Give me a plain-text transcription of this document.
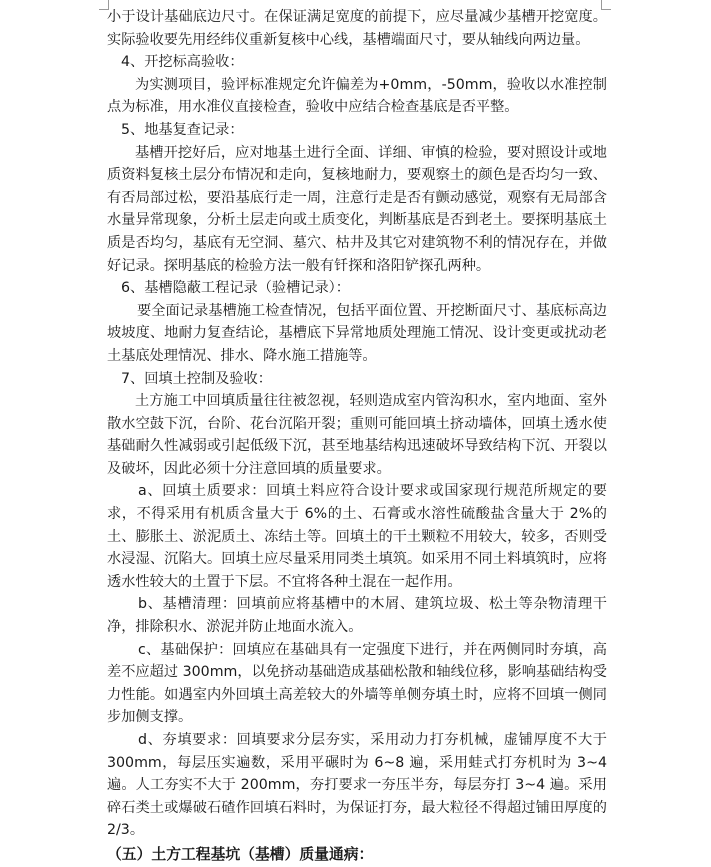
小于设计基础底边尺寸。在保证满足宽度的前提下，应尽量减少基槽开挖宽度。实际验收要先用经纬仪重新复核中心线，基槽端面尺寸，要从轴线向两边量。

4、开挖标高验收：

为实测项目，验评标准规定允许偏差为+0mm，-50mm，验收以水准控制点为标准，用水准仪直接检查，验收中应结合检查基底是否平整。

5、地基复查记录：

基槽开挖好后，应对地基土进行全面、详细、审慎的检验，要对照设计或地质资料复核土层分布情况和走向，复核地耐力，要观察土的颜色是否均匀一致、有否局部过松，要沿基底行走一周，注意行走是否有颤动感觉，观察有无局部含水量异常现象，分析土层走向或土质变化，判断基底是否到老土。要探明基底土质是否均匀，基底有无空洞、墓穴、枯井及其它对建筑物不利的情况存在，并做好记录。探明基底的检验方法一般有钎探和洛阳铲探孔两种。

6、基槽隐蔽工程记录（验槽记录）：

要全面记录基槽施工检查情况，包括平面位置、开挖断面尺寸、基底标高边坡坡度、地耐力复查结论，基槽底下异常地质处理施工情况、设计变更或扰动老土基底处理情况、排水、降水施工措施等。

7、回填土控制及验收：

土方施工中回填质量往往被忽视，轻则造成室内管沟积水，室内地面、室外散水空鼓下沉，台阶、花台沉陷开裂；重则可能回填土挤动墙体，回填土透水使基础耐久性减弱或引起低级下沉，甚至地基结构迅速破坏导致结构下沉、开裂以及破坏，因此必须十分注意回填的质量要求。

a、回填土质要求：回填土料应符合设计要求或国家现行规范所规定的要求，不得采用有机质含量大于 6%的土、石膏或水溶性硫酸盐含量大于 2%的土、膨胀土、淤泥质土、冻结土等。回填土的干土颗粒不用较大，较多，否则受水浸湿、沉陷大。回填土应尽量采用同类土填筑。如采用不同土料填筑时，应将透水性较大的土置于下层。不宜将各种土混在一起作用。

b、基槽清理：回填前应将基槽中的木屑、建筑垃圾、松土等杂物清理干净，排除积水、淤泥并防止地面水流入。

c、基础保护：回填应在基础具有一定强度下进行，并在两侧同时夯填，高差不应超过 300mm，以免挤动基础造成基础松散和轴线位移，影响基础结构受力性能。如遇室内外回填土高差较大的外墙等单侧夯填土时，应将不回填一侧同步加侧支撑。

d、夯填要求：回填要求分层夯实，采用动力打夯机械，虚铺厚度不大于 300mm，每层压实遍数，采用平碾时为 6~8 遍，采用蛙式打夯机时为 3~4 遍。人工夯实不大于 200mm，夯打要求一夯压半夯，每层夯打 3~4 遍。采用碎石类土或爆破石碴作回填石料时，为保证打夯，最大粒径不得超过铺田厚度的 2/3。

（五）土方工程基坑（基槽）质量通病：
